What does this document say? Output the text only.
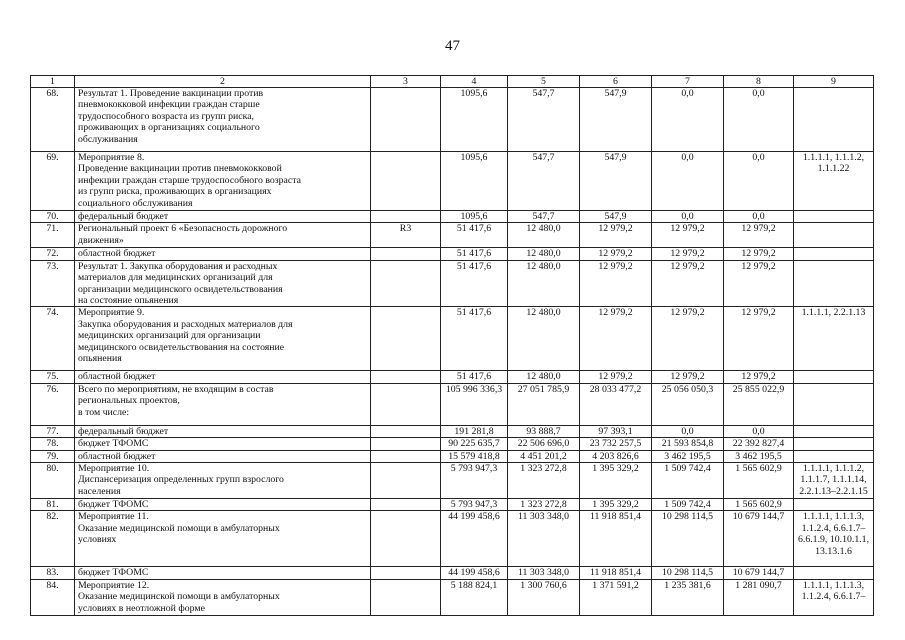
47
1	2	3	4	5	6	7	8	9
68.	Результат 1. Проведение вакцинации против
пневмококковой инфекции граждан старше
трудоспособного возраста из групп риска,
проживающих в организациях социального
обслуживания		1095,6	547,7	547,9	0,0	0,0	
69.	Мероприятие 8.
Проведение вакцинации против пневмококковой
инфекции граждан старше трудоспособного возраста
из групп риска, проживающих в организациях
социального обслуживания		1095,6	547,7	547,9	0,0	0,0	1.1.1.1, 1.1.1.2,
1.1.1.22

70.	федеральный бюджет		1095,6	547,7	547,9	0,0	0,0	
71.	Региональный проект 6 «Безопасность дорожного
движения»	R3	51 417,6	12 480,0	12 979,2	12 979,2	12 979,2	
72.	областной бюджет		51 417,6	12 480,0	12 979,2	12 979,2	12 979,2	
73.	Результат 1. Закупка оборудования и расходных
материалов для медицинских организаций для
организации медицинского освидетельствования
на состояние опьянения		51 417,6	12 480,0	12 979,2	12 979,2	12 979,2	
74.	Мероприятие 9.
Закупка оборудования и расходных материалов для
медицинских организаций для организации
медицинского освидетельствования на состояние
опьянения		51 417,6	12 480,0	12 979,2	12 979,2	12 979,2	1.1.1.1, 2.2.1.13

75.	областной бюджет		51 417,6	12 480,0	12 979,2	12 979,2	12 979,2	
76.	Всего по мероприятиям, не входящим в состав
региональных проектов,
в том числе:		105 996 336,3	27 051 785,9	28 033 477,2	25 056 050,3	25 855 022,9	
77.	федеральный бюджет		191 281,8	93 888,7	97 393,1	0,0	0,0	
78.	бюджет ТФОМС		90 225 635,7	22 506 696,0	23 732 257,5	21 593 854,8	22 392 827,4	
79.	областной бюджет		15 579 418,8	4 451 201,2	4 203 826,6	3 462 195,5	3 462 195,5	
80.	Мероприятие 10.
Диспансеризация определенных групп взрослого
населения		5 793 947,3	1 323 272,8	1 395 329,2	1 509 742,4	1 565 602,9	1.1.1.1, 1.1.1.2,
1.1.1.7, 1.1.1.14,
2.2.1.13–2.2.1.15

81.	бюджет ТФОМС		5 793 947,3	1 323 272,8	1 395 329,2	1 509 742,4	1 565 602,9	
82.	Мероприятие 11.
Оказание медицинской помощи в амбулаторных
условиях		44 199 458,6	11 303 348,0	11 918 851,4	10 298 114,5	10 679 144,7	1.1.1.1, 1.1.1.3,
1.1.2.4, 6.6.1.7–
6.6.1.9, 10.10.1.1,
13.13.1.6

83.	бюджет ТФОМС		44 199 458,6	11 303 348,0	11 918 851,4	10 298 114,5	10 679 144,7	
84.	Мероприятие 12.
Оказание медицинской помощи в амбулаторных
условиях в неотложной форме		5 188 824,1	1 300 760,6	1 371 591,2	1 235 381,6	1 281 090,7	1.1.1.1, 1.1.1.3,
1.1.2.4, 6.6.1.7–
